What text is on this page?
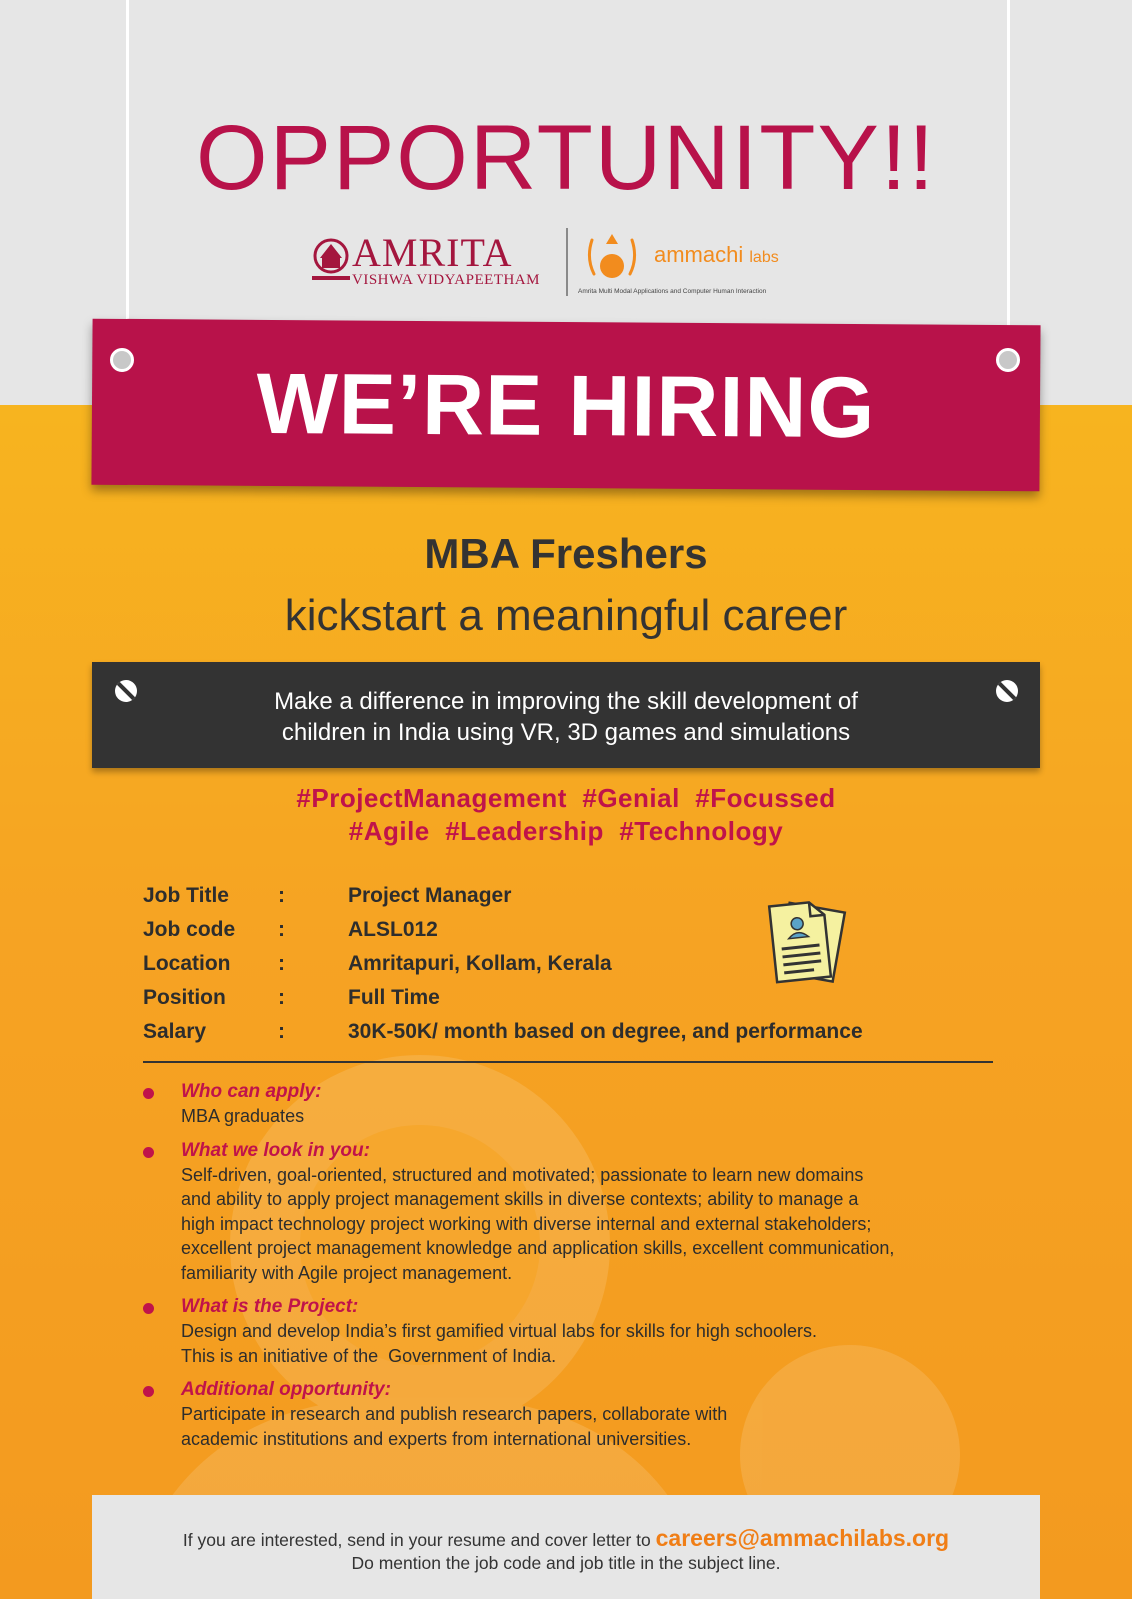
OPPORTUNITY!!
AMRITA
VISHWA VIDYAPEETHAM
ammachi labs
Amrita Multi Modal Applications and Computer Human Interaction
WE’RE HIRING
MBA Freshers
kickstart a meaningful career
Make a difference in improving the skill development of
children in India using VR, 3D games and simulations
#ProjectManagement  #Genial  #Focussed
#Agile  #Leadership  #Technology
Job Title :	Project Manager
Job code :	ALSL012
Location :	Amritapuri, Kollam, Kerala
Position :	Full Time
Salary	:	30K-50K/ month based on degree, and performance
Who can apply:
MBA graduates
What we look in you:
Self-driven, goal-oriented, structured and motivated; passionate to learn new domains
and ability to apply project management skills in diverse contexts; ability to manage a
high impact technology project working with diverse internal and external stakeholders;
excellent project management knowledge and application skills, excellent communication,
familiarity with Agile project management.
What is the Project:
Design and develop India’s first gamified virtual labs for skills for high schoolers.
This is an initiative of the  Government of India.
Additional opportunity:
Participate in research and publish research papers, collaborate with
academic institutions and experts from international universities.
If you are interested, send in your resume and cover letter to careers@ammachilabs.org
Do mention the job code and job title in the subject line.
